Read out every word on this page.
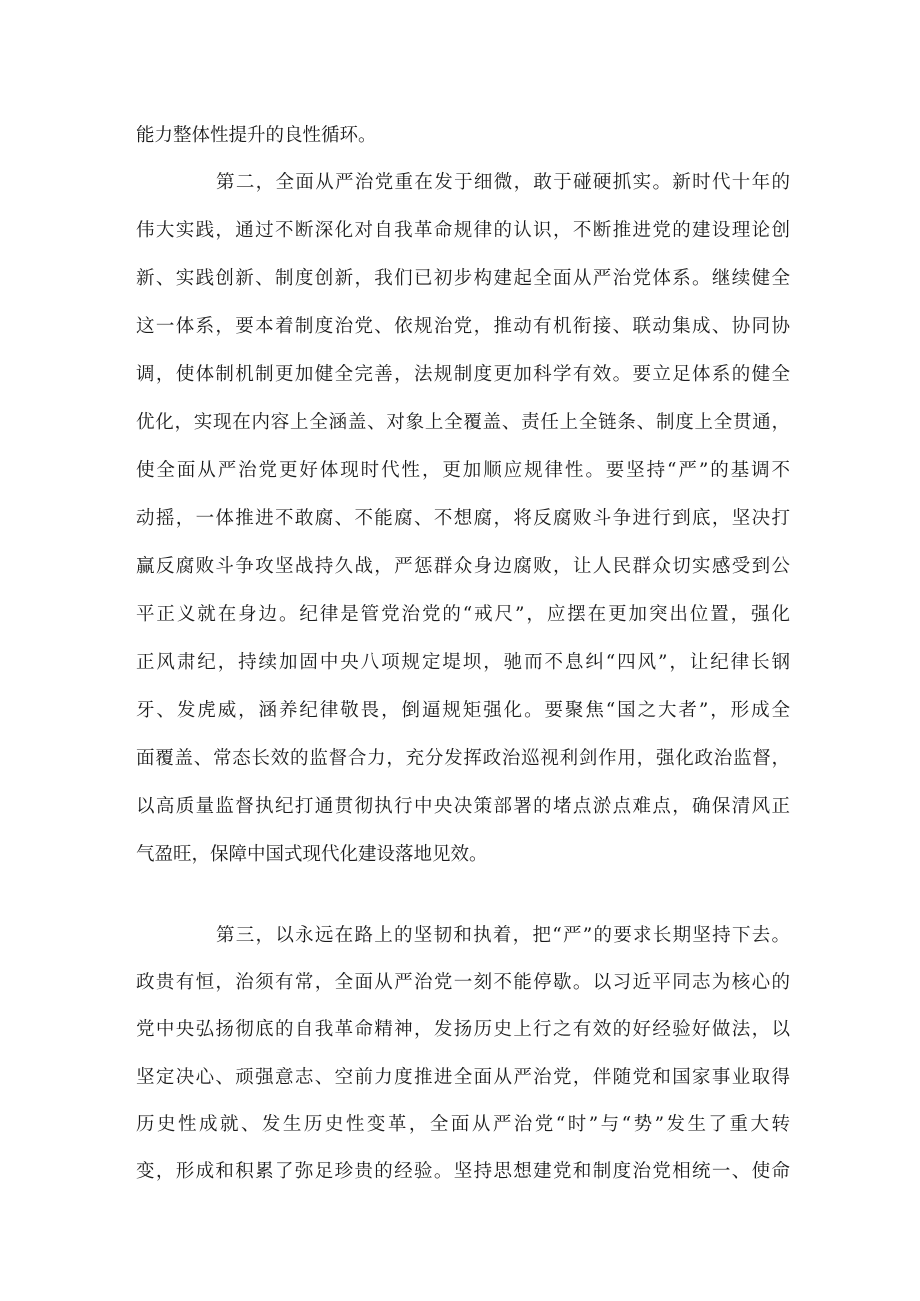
能力整体性提升的良性循环。
第二，全面从严治党重在发于细微，敢于碰硬抓实。新时代十年的
伟大实践，通过不断深化对自我革命规律的认识，不断推进党的建设理论创
新、实践创新、制度创新，我们已初步构建起全面从严治党体系。继续健全
这一体系，要本着制度治党、依规治党，推动有机衔接、联动集成、协同协
调，使体制机制更加健全完善，法规制度更加科学有效。要立足体系的健全
优化，实现在内容上全涵盖、对象上全覆盖、责任上全链条、制度上全贯通，
使全面从严治党更好体现时代性，更加顺应规律性。要坚持“严”的基调不
动摇，一体推进不敢腐、不能腐、不想腐，将反腐败斗争进行到底，坚决打
赢反腐败斗争攻坚战持久战，严惩群众身边腐败，让人民群众切实感受到公
平正义就在身边。纪律是管党治党的“戒尺”，应摆在更加突出位置，强化
正风肃纪，持续加固中央八项规定堤坝，驰而不息纠“四风”，让纪律长钢
牙、发虎威，涵养纪律敬畏，倒逼规矩强化。要聚焦“国之大者”，形成全
面覆盖、常态长效的监督合力，充分发挥政治巡视利剑作用，强化政治监督，
以高质量监督执纪打通贯彻执行中央决策部署的堵点淤点难点，确保清风正
气盈旺，保障中国式现代化建设落地见效。
第三，以永远在路上的坚韧和执着，把“严”的要求长期坚持下去。
政贵有恒，治须有常，全面从严治党一刻不能停歇。以习近平同志为核心的
党中央弘扬彻底的自我革命精神，发扬历史上行之有效的好经验好做法，以
坚定决心、顽强意志、空前力度推进全面从严治党，伴随党和国家事业取得
历史性成就、发生历史性变革，全面从严治党“时”与“势”发生了重大转
变，形成和积累了弥足珍贵的经验。坚持思想建党和制度治党相统一、使命
